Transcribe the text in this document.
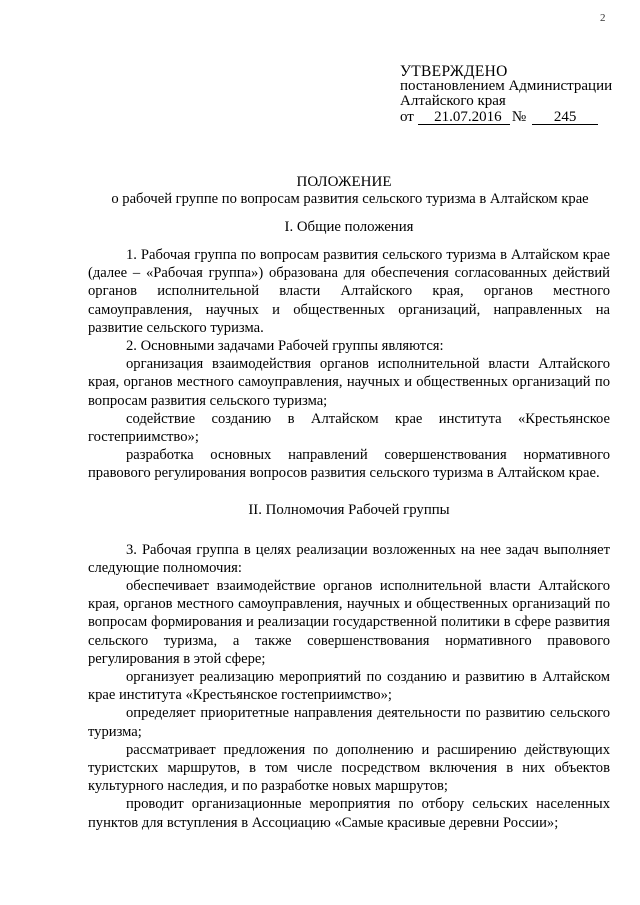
2
УТВЕРЖДЕНО
постановлением Администрации
Алтайского края
от	21.07.2016 №	245
ПОЛОЖЕНИЕ
о рабочей группе по вопросам развития сельского туризма в Алтайском крае
I. Общие положения

1. Рабочая группа по вопросам развития сельского туризма в Алтайском крае (далее – «Рабочая группа») образована для обеспечения согласованных действий органов исполнительной власти Алтайского края, органов местного самоуправления, научных и общественных организаций, направленных на развитие сельского туризма.

2. Основными задачами Рабочей группы являются:

организация взаимодействия органов исполнительной власти Алтайского края, органов местного самоуправления, научных и общественных организаций по вопросам развития сельского туризма;

содействие созданию в Алтайском крае института «Крестьянское гостеприимство»;

разработка основных направлений совершенствования нормативного правового регулирования вопросов развития сельского туризма в Алтайском крае.

II. Полномочия Рабочей группы

3. Рабочая группа в целях реализации возложенных на нее задач выполняет следующие полномочия:

обеспечивает взаимодействие органов исполнительной власти Алтайского края, органов местного самоуправления, научных и общественных организаций по вопросам формирования и реализации государственной политики в сфере развития сельского туризма, а также совершенствования нормативного правового регулирования в этой сфере;

организует реализацию мероприятий по созданию и развитию в Алтайском крае института «Крестьянское гостеприимство»;

определяет приоритетные направления деятельности по развитию сельского туризма;

рассматривает предложения по дополнению и расширению действующих туристских маршрутов, в том числе посредством включения в них объектов культурного наследия, и по разработке новых маршрутов;

проводит организационные мероприятия по отбору сельских населенных пунктов для вступления в Ассоциацию «Самые красивые деревни России»;
